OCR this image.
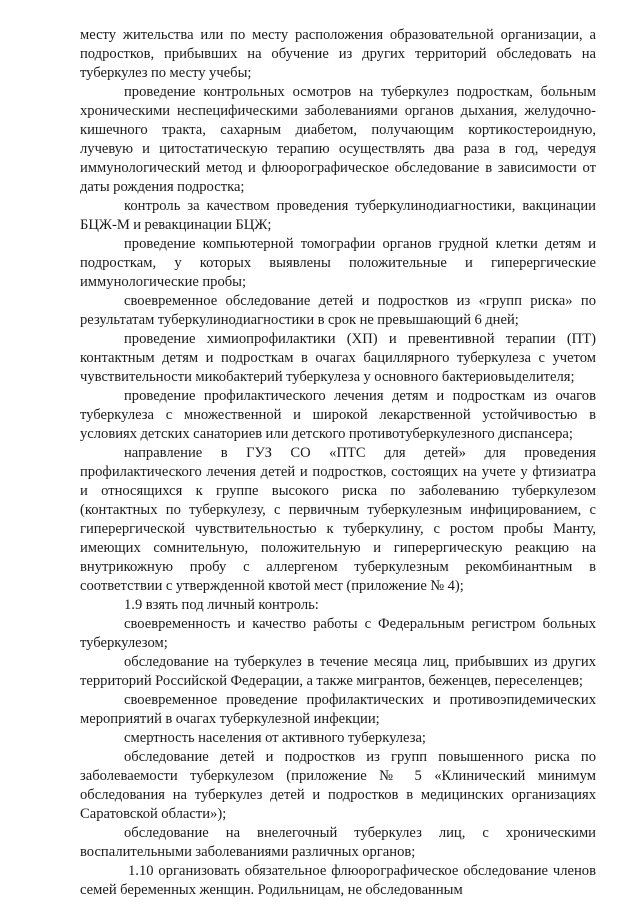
месту жительства или по месту расположения образовательной организации, а подростков, прибывших на обучение из других территорий обследовать на туберкулез по месту учебы;

проведение контрольных осмотров на туберкулез подросткам, больным хроническими неспецифическими заболеваниями органов дыхания, желудочно-кишечного тракта, сахарным диабетом, получающим кортикостероидную, лучевую и цитостатическую терапию осуществлять два раза в год, чередуя иммунологический метод и флюорографическое обследование в зависимости от даты рождения подростка;

контроль за качеством проведения туберкулинодиагностики, вакцинации БЦЖ-М и ревакцинации БЦЖ;

проведение компьютерной томографии органов грудной клетки детям и подросткам, у которых выявлены положительные и гиперергические иммунологические пробы;

своевременное обследование детей и подростков из «групп риска» по результатам туберкулинодиагностики в срок не превышающий 6 дней;

проведение химиопрофилактики (ХП) и превентивной терапии (ПТ) контактным детям и подросткам в очагах бациллярного туберкулеза с учетом чувствительности микобактерий туберкулеза у основного бактериовыделителя;

проведение профилактического лечения детям и подросткам из очагов туберкулеза с множественной и широкой лекарственной устойчивостью в условиях детских санаториев или детского противотуберкулезного диспансера;

направление в ГУЗ СО «ПТС для детей» для проведения профилактического лечения детей и подростков, состоящих на учете у фтизиатра и относящихся к группе высокого риска по заболеванию туберкулезом (контактных по туберкулезу, с первичным туберкулезным инфицированием, с гиперергической чувствительностью к туберкулину, с ростом пробы Манту, имеющих сомнительную, положительную и гиперергическую реакцию на внутрикожную пробу с аллергеном туберкулезным рекомбинантным в соответствии с утвержденной квотой мест (приложение № 4);

1.9 взять под личный контроль:

своевременность и качество работы с Федеральным регистром больных туберкулезом;

обследование на туберкулез в течение месяца лиц, прибывших из других территорий Российской Федерации, а также мигрантов, беженцев, переселенцев;

своевременное проведение профилактических и противоэпидемических мероприятий в очагах туберкулезной инфекции;

смертность населения от активного туберкулеза;

обследование детей и подростков из групп повышенного риска по заболеваемости туберкулезом (приложение № 5 «Клинический минимум обследования на туберкулез детей и подростков в медицинских организациях Саратовской области»);

обследование на внелегочный туберкулез лиц, с хроническими воспалительными заболеваниями различных органов;

1.10 организовать обязательное флюорографическое обследование членов семей беременных женщин. Родильницам, не обследованным
